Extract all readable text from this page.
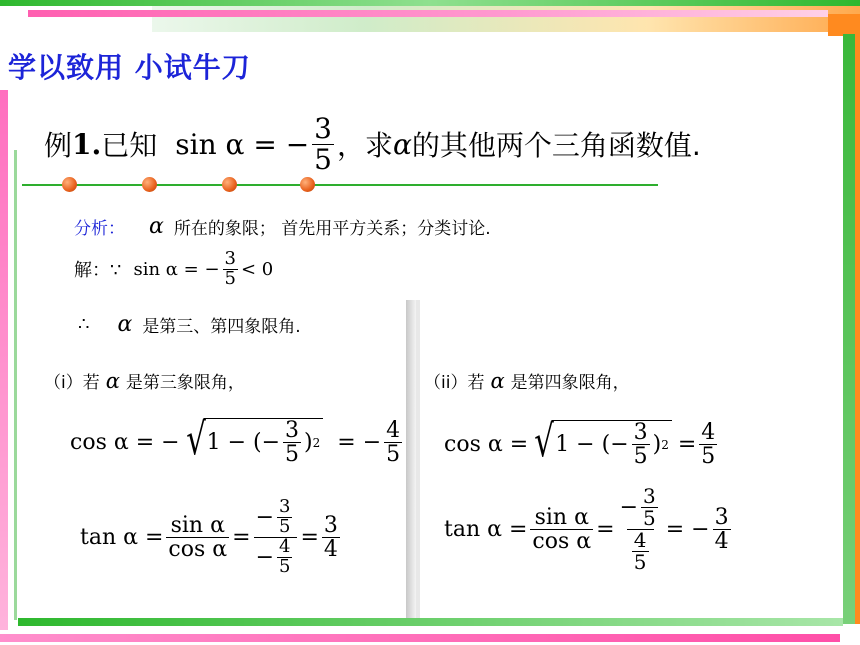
学以致用 小试牛刀
例 1. 已知 sin α = − $\frac{3}{5}$ ，求 α 的其他两个三角函数值.
分析： α 所在的象限； 首先用平方关系；分类讨论.
解：∵ sin α = − $\frac{3}{5} < 0$
∴ α 是第三、第四象限角.
（i）若 α 是第三象限角，
cos α = − √ 1 − (− $\frac{3}{5}$ ) 2 = − $\frac{4}{5}$
$\tan \alpha = \frac{\text{sin α}}{\text{cos α}} = \frac{- \frac{3}{5}}{- \frac{4}{5}} = \frac{3}{4}$
（ii）若 α 是第四象限角，
cos α = √ 1 − (− $\frac{3}{5}$ ) $2 = \frac{4}{5}$
$\tan \alpha = \frac{\text{sin α}}{\text{cos α}} = \frac{- \frac{3}{5}}{\frac{4}{5}}$ = − $\frac{3}{4}$
